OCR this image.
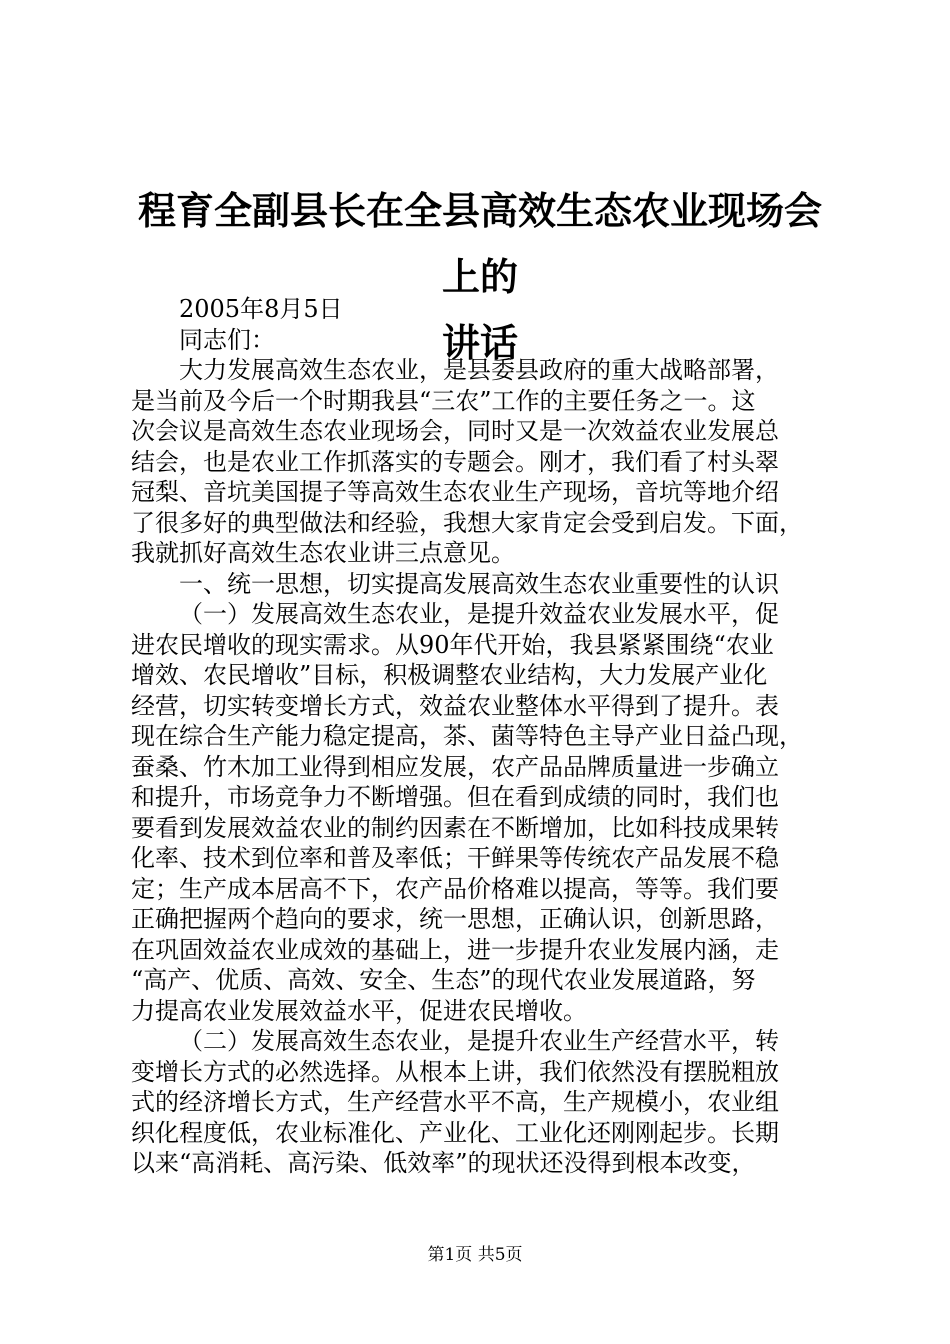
程育全副县长在全县高效生态农业现场会上的
讲话
2005年8月5日
同志们：
大力发展高效生态农业，是县委县政府的重大战略部署，
是当前及今后一个时期我县“三农”工作的主要任务之一。这
次会议是高效生态农业现场会，同时又是一次效益农业发展总
结会，也是农业工作抓落实的专题会。刚才，我们看了村头翠
冠梨、音坑美国提子等高效生态农业生产现场，音坑等地介绍
了很多好的典型做法和经验，我想大家肯定会受到启发。下面，
我就抓好高效生态农业讲三点意见。
一、统一思想，切实提高发展高效生态农业重要性的认识
（一）发展高效生态农业，是提升效益农业发展水平，促
进农民增收的现实需求。从90年代开始，我县紧紧围绕“农业
增效、农民增收”目标，积极调整农业结构，大力发展产业化
经营，切实转变增长方式，效益农业整体水平得到了提升。表
现在综合生产能力稳定提高，茶、菌等特色主导产业日益凸现，
蚕桑、竹木加工业得到相应发展，农产品品牌质量进一步确立
和提升，市场竞争力不断增强。但在看到成绩的同时，我们也
要看到发展效益农业的制约因素在不断增加，比如科技成果转
化率、技术到位率和普及率低；干鲜果等传统农产品发展不稳
定；生产成本居高不下，农产品价格难以提高，等等。我们要
正确把握两个趋向的要求，统一思想，正确认识，创新思路，
在巩固效益农业成效的基础上，进一步提升农业发展内涵，走
“高产、优质、高效、安全、生态”的现代农业发展道路，努
力提高农业发展效益水平，促进农民增收。
（二）发展高效生态农业，是提升农业生产经营水平，转
变增长方式的必然选择。从根本上讲，我们依然没有摆脱粗放
式的经济增长方式，生产经营水平不高，生产规模小，农业组
织化程度低，农业标准化、产业化、工业化还刚刚起步。长期
以来“高消耗、高污染、低效率”的现状还没得到根本改变，
第1页 共5页
